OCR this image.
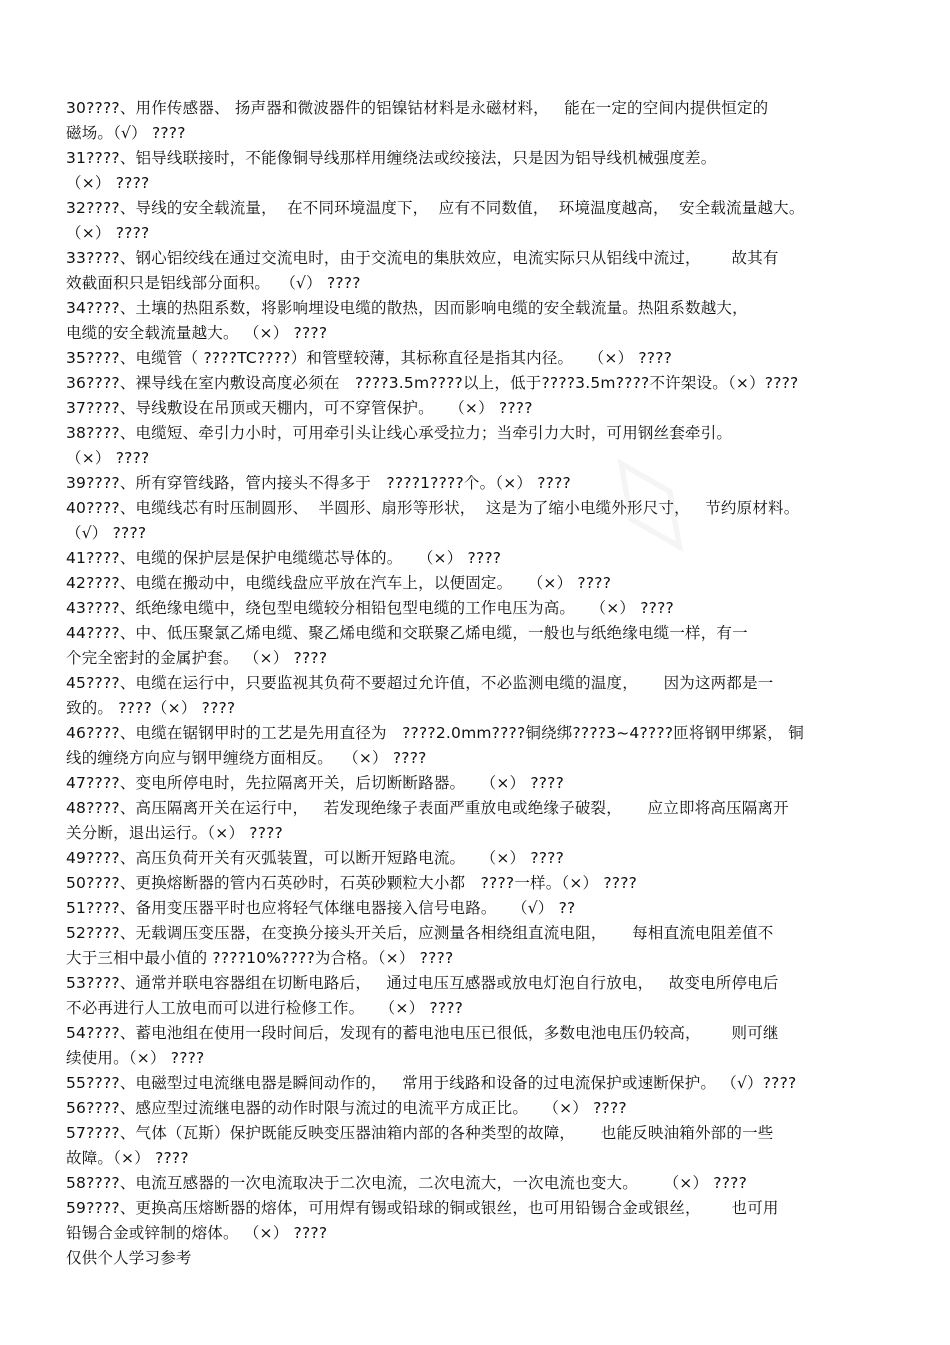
30????、用作传感器、 扬声器和微波器件的铝镍钴材料是永磁材料，   能在一定的空间内提供恒定的
磁场。（√） ????
31????、铝导线联接时，不能像铜导线那样用缠绕法或绞接法，只是因为铝导线机械强度差。
（×） ????
32????、导线的安全载流量，  在不同环境温度下，  应有不同数值，  环境温度越高，  安全载流量越大。
（×） ????
33????、钢心铝绞线在通过交流电时，由于交流电的集肤效应，电流实际只从铝线中流过，      故其有
效截面积只是铝线部分面积。  （√） ????
34????、土壤的热阻系数，将影响埋设电缆的散热，因而影响电缆的安全载流量。热阻系数越大，
电缆的安全载流量越大。 （×） ????
35????、电缆管（ ????TC????）和管壁较薄，其标称直径是指其内径。   （×） ????
36????、裸导线在室内敷设高度必须在   ????3.5m????以上，低于????3.5m????不许架设。（×）????
37????、导线敷设在吊顶或天棚内，可不穿管保护。   （×） ????
38????、电缆短、牵引力小时，可用牵引头让线心承受拉力；当牵引力大时，可用钢丝套牵引。
（×） ????
39????、所有穿管线路，管内接头不得多于   ????1????个。（×） ????
40????、电缆线芯有时压制圆形、  半圆形、扇形等形状，  这是为了缩小电缆外形尺寸，   节约原材料。
（√） ????
41????、电缆的保护层是保护电缆缆芯导体的。   （×） ????
42????、电缆在搬动中，电缆线盘应平放在汽车上，以便固定。   （×） ????
43????、纸绝缘电缆中，绕包型电缆较分相铅包型电缆的工作电压为高。   （×） ????
44????、中、低压聚氯乙烯电缆、聚乙烯电缆和交联聚乙烯电缆，一般也与纸绝缘电缆一样，有一
个完全密封的金属护套。 （×） ????
45????、电缆在运行中，只要监视其负荷不要超过允许值，不必监测电缆的温度，     因为这两都是一
致的。 ????（×） ????
46????、电缆在锯钢甲时的工艺是先用直径为   ????2.0mm????铜绕绑????3~4????匝将钢甲绑紧， 铜
线的缠绕方向应与钢甲缠绕方面相反。  （×） ????
47????、变电所停电时，先拉隔离开关，后切断断路器。   （×） ????
48????、高压隔离开关在运行中，   若发现绝缘子表面严重放电或绝缘子破裂，     应立即将高压隔离开
关分断，退出运行。（×） ????
49????、高压负荷开关有灭弧装置，可以断开短路电流。   （×） ????
50????、更换熔断器的管内石英砂时，石英砂颗粒大小都   ????一样。（×） ????
51????、备用变压器平时也应将轻气体继电器接入信号电路。   （√） ??
52????、无载调压变压器，在变换分接头开关后，应测量各相绕组直流电阻，     每相直流电阻差值不
大于三相中最小值的 ????10%????为合格。（×） ????
53????、通常并联电容器组在切断电路后，   通过电压互感器或放电灯泡自行放电，   故变电所停电后
不必再进行人工放电而可以进行检修工作。   （×） ????
54????、蓄电池组在使用一段时间后，发现有的蓄电池电压已很低，多数电池电压仍较高，      则可继
续使用。（×） ????
55????、电磁型过电流继电器是瞬间动作的，   常用于线路和设备的过电流保护或速断保护。 （√）????
56????、感应型过流继电器的动作时限与流过的电流平方成正比。   （×） ????
57????、气体（瓦斯）保护既能反映变压器油箱内部的各种类型的故障，     也能反映油箱外部的一些
故障。（×） ????
58????、电流互感器的一次电流取决于二次电流，二次电流大，一次电流也变大。     （×） ????
59????、更换高压熔断器的熔体，可用焊有锡或铅球的铜或银丝，也可用铅锡合金或银丝，      也可用
铅锡合金或锌制的熔体。 （×） ????
仅供个人学习参考
